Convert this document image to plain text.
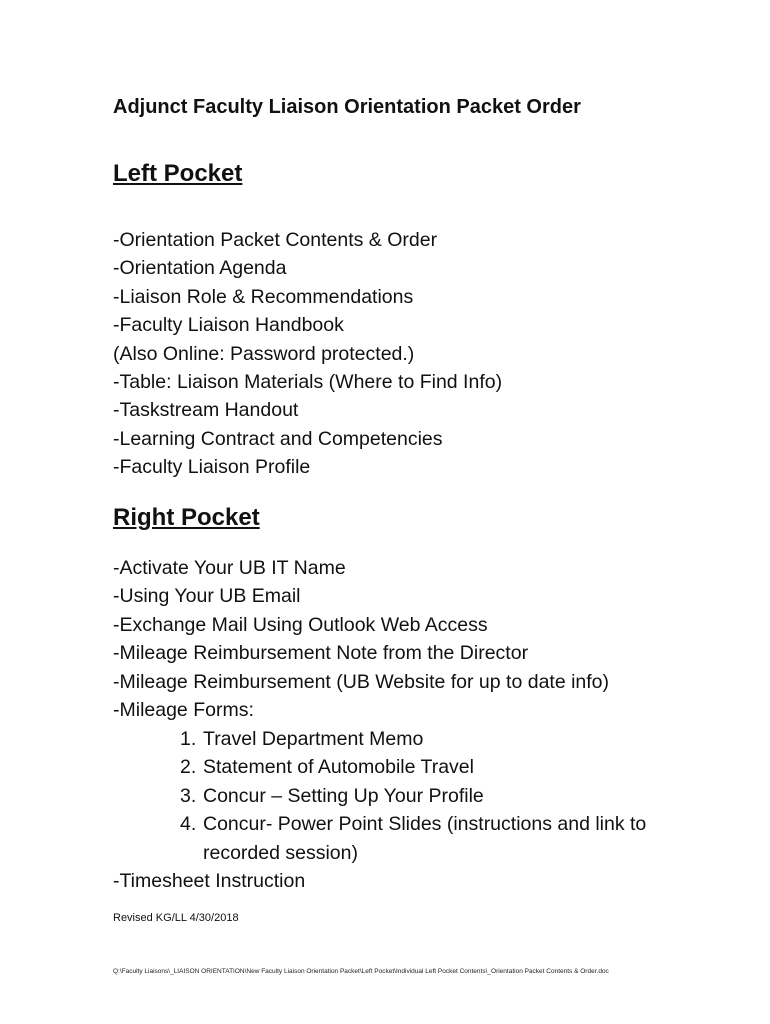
Adjunct Faculty Liaison Orientation Packet Order
Left Pocket
-Orientation Packet Contents & Order
-Orientation Agenda
-Liaison Role & Recommendations
-Faculty Liaison Handbook
(Also Online: Password protected.)
-Table: Liaison Materials (Where to Find Info)
-Taskstream Handout
-Learning Contract and Competencies
-Faculty Liaison Profile
Right Pocket
-Activate Your UB IT Name
-Using Your UB Email
-Exchange Mail Using Outlook Web Access
-Mileage Reimbursement Note from the Director
-Mileage Reimbursement (UB Website for up to date info)
-Mileage Forms:
1. Travel Department Memo
2. Statement of Automobile Travel
3. Concur – Setting Up Your Profile
4. Concur- Power Point Slides (instructions and link to recorded session)
-Timesheet Instruction
Revised KG/LL 4/30/2018
Q:\Faculty Liaisons\_LIAISON ORIENTATION\New Faculty Liaison Orientation Packet\Left Pocket\Individual Left Pocket Contents\_Orientation Packet Contents & Order.doc
